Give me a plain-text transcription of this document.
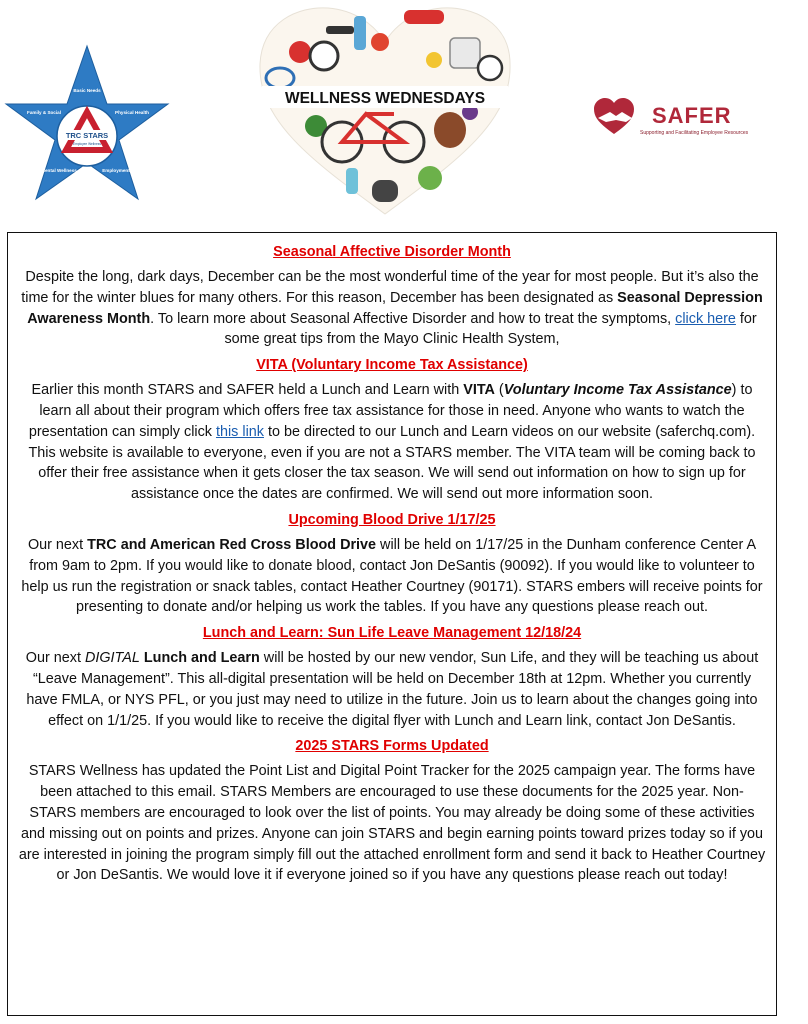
TRC STARS
Employee Wellness
Basic Needs
Physical Health
Employment
Mental Wellness
Family & Social
WELLNESS WEDNESDAYS
SAFER
Supporting and Facilitating Employee Resources
Seasonal Affective Disorder Month
Despite the long, dark days, December can be the most wonderful time of the year for most people. But it’s also the time for the winter blues for many others. For this reason, December has been designated as Seasonal Depression Awareness Month. To learn more about Seasonal Affective Disorder and how to treat the symptoms, click here for some great tips from the Mayo Clinic Health System,
VITA (Voluntary Income Tax Assistance)
Earlier this month STARS and SAFER held a Lunch and Learn with VITA (Voluntary Income Tax Assistance) to learn all about their program which offers free tax assistance for those in need. Anyone who wants to watch the presentation can simply click this link to be directed to our Lunch and Learn videos on our website (saferchq.com). This website is available to everyone, even if you are not a STARS member. The VITA team will be coming back to offer their free assistance when it gets closer the tax season. We will send out information on how to sign up for assistance once the dates are confirmed. We will send out more information soon.
Upcoming Blood Drive 1/17/25
Our next TRC and American Red Cross Blood Drive will be held on 1/17/25 in the Dunham conference Center A from 9am to 2pm. If you would like to donate blood, contact Jon DeSantis (90092). If you would like to volunteer to help us run the registration or snack tables, contact Heather Courtney (90171). STARS embers will receive points for presenting to donate and/or helping us work the tables. If you have any questions please reach out.
Lunch and Learn: Sun Life Leave Management 12/18/24
Our next DIGITAL Lunch and Learn will be hosted by our new vendor, Sun Life, and they will be teaching us about “Leave Management”. This all-digital presentation will be held on December 18th at 12pm. Whether you currently have FMLA, or NYS PFL, or you just may need to utilize in the future. Join us to learn about the changes going into effect on 1/1/25. If you would like to receive the digital flyer with Lunch and Learn link, contact Jon DeSantis.
2025 STARS Forms Updated
STARS Wellness has updated the Point List and Digital Point Tracker for the 2025 campaign year. The forms have been attached to this email. STARS Members are encouraged to use these documents for the 2025 year. Non-STARS members are encouraged to look over the list of points. You may already be doing some of these activities and missing out on points and prizes. Anyone can join STARS and begin earning points toward prizes today so if you are interested in joining the program simply fill out the attached enrollment form and send it back to Heather Courtney or Jon DeSantis. We would love it if everyone joined so if you have any questions please reach out today!
